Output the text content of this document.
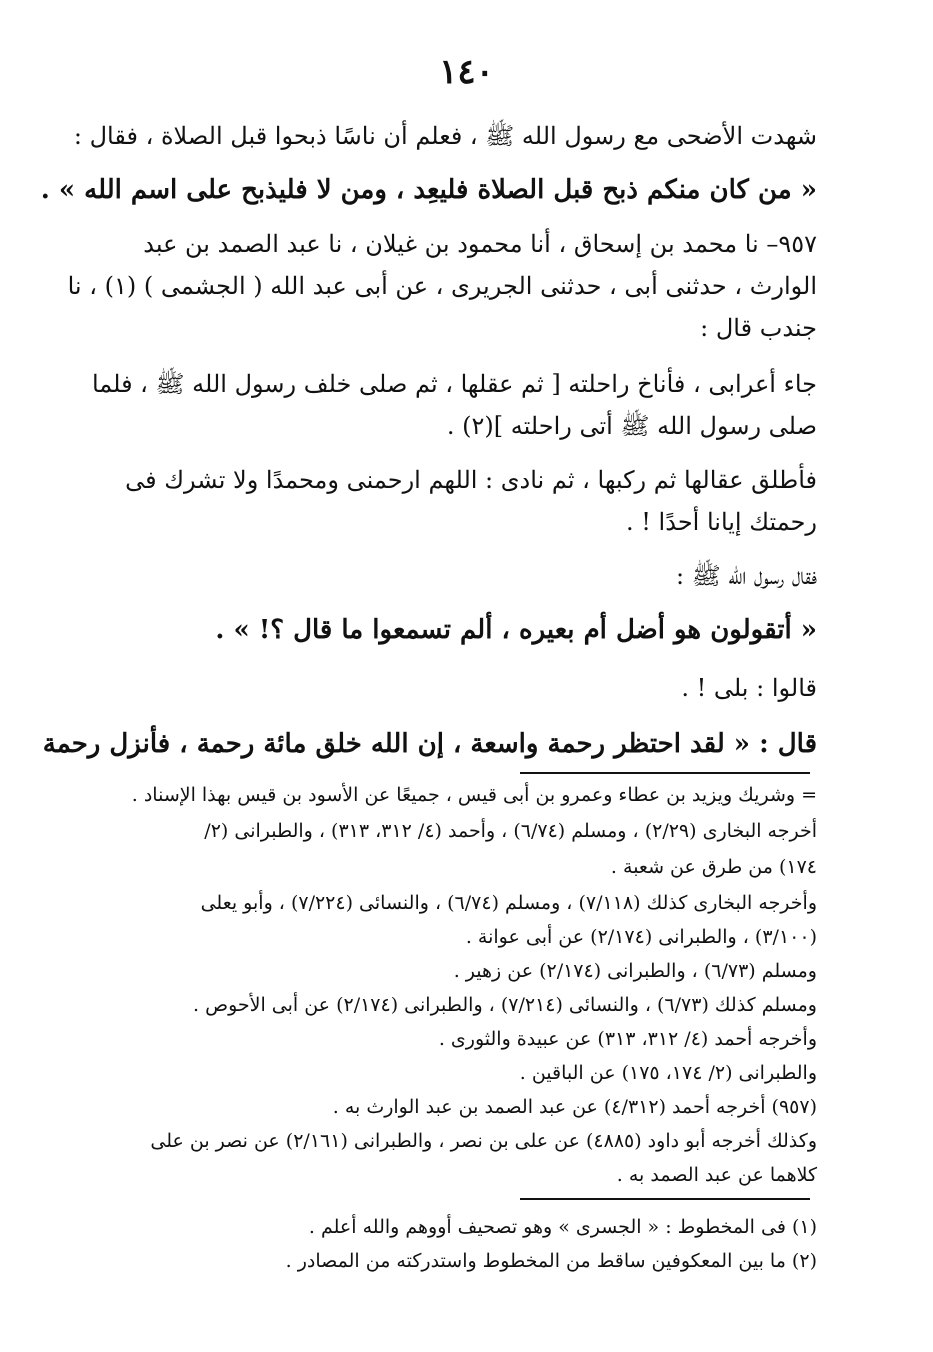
١٤٠
شهدت الأضحى مع رسول الله ﷺ ، فعلم أن ناسًا ذبحوا قبل الصلاة ، فقال :
« من كان منكم ذبح قبل الصلاة فليعِد ، ومن لا فليذبح على اسم الله » .
٩٥٧– نا محمد بن إسحاق ، أنا محمود بن غيلان ، نا عبد الصمد بن عبد
الوارث ، حدثنى أبى ، حدثنى الجريرى ، عن أبى عبد الله ( الجشمى ) (١) ، نا
جندب قال :
جاء أعرابى ، فأناخ راحلته [ ثم عقلها ، ثم صلى خلف رسول الله ﷺ ، فلما
صلى رسول الله ﷺ أتى راحلته ](٢) .
فأطلق عقالها ثم ركبها ، ثم نادى : اللهم ارحمنى ومحمدًا ولا تشرك فى
رحمتك إيانا أحدًا ! .
فقال رسول الله ﷺ :
« أتقولون هو أضل أم بعيره ، ألم تسمعوا ما قال ؟! » .
قالوا : بلى ! .
قال : « لقد احتظر رحمة واسعة ، إن الله خلق مائة رحمة ، فأنزل رحمة
= وشريك ويزيد بن عطاء وعمرو بن أبى قيس ، جميعًا عن الأسود بن قيس بهذا الإسناد .
أخرجه البخارى (٢/٢٩) ، ومسلم (٦/٧٤) ، وأحمد (٤/ ٣١٢، ٣١٣) ، والطبرانى (٢/
١٧٤) من طرق عن شعبة .
وأخرجه البخارى كذلك (٧/١١٨) ، ومسلم (٦/٧٤) ، والنسائى (٧/٢٢٤) ، وأبو يعلى
(٣/١٠٠) ، والطبرانى (٢/١٧٤) عن أبى عوانة .
ومسلم (٦/٧٣) ، والطبرانى (٢/١٧٤) عن زهير .
ومسلم كذلك (٦/٧٣) ، والنسائى (٧/٢١٤) ، والطبرانى (٢/١٧٤) عن أبى الأحوص .
وأخرجه أحمد (٤/ ٣١٢، ٣١٣) عن عبيدة والثورى .
والطبرانى (٢/ ١٧٤، ١٧٥) عن الباقين .
(٩٥٧) أخرجه أحمد (٤/٣١٢) عن عبد الصمد بن عبد الوارث به .
وكذلك أخرجه أبو داود (٤٨٨٥) عن على بن نصر ، والطبرانى (٢/١٦١) عن نصر بن على
كلاهما عن عبد الصمد به .
(١) فى المخطوط : « الجسرى » وهو تصحيف أووهم والله أعلم .
(٢) ما بين المعكوفين ساقط من المخطوط واستدركته من المصادر .
